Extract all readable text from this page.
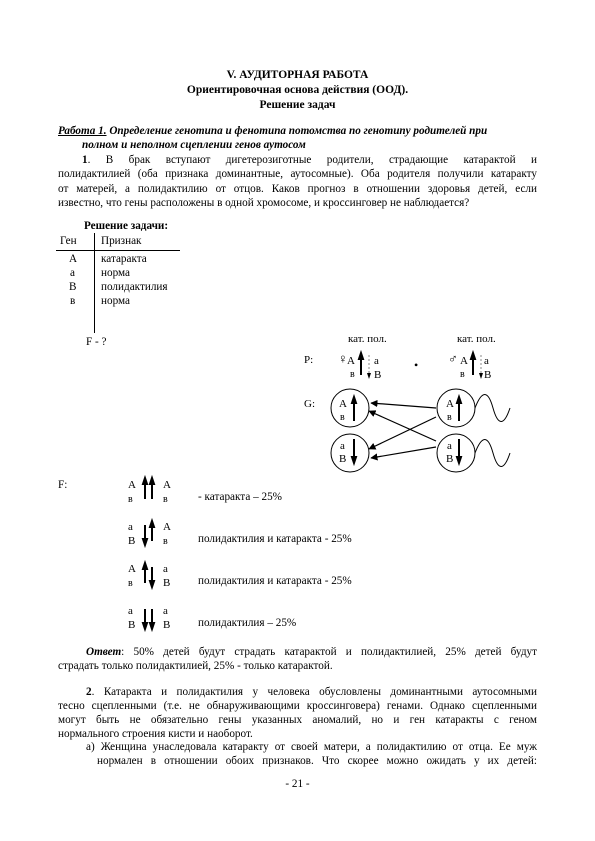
V. АУДИТОРНАЯ РАБОТА
Ориентировочная основа действия (ООД).
Решение задач
Работа 1. Определение генотипа и фенотипа потомства по генотипу родителей при
полном и неполном сцеплении генов аутосом
1. В брак вступают дигетерозиготные родители, страдающие катарактой и
полидактилией (оба признака доминантные, аутосомные). Оба родителя получили катаракту
от матерей, а полидактилию от отцов. Каков прогноз в отношении здоровья детей, если
известно, что гены расположены в одной хромосоме, и кроссинговер не наблюдается?
Решение задачи:
Ген Признак
А катаракта
а норма
В полидактилия
в норма
F - ?	кат. пол.	кат. пол.
P: ♀ А а
в В
• ♂ А а
в В
G: А
в
а
В
А
в
а
В
F:	А А
в	в
а	А
В	в
А а
в	В
а	а
В	В
- катаракта – 25%
полидактилия и катаракта - 25%
полидактилия и катаракта - 25%
полидактилия – 25%
Ответ: 50% детей будут страдать катарактой и полидактилией, 25% детей будут
страдать только полидактилией, 25% - только катарактой.
2. Катаракта и полидактилия у человека обусловлены доминантными аутосомными
тесно сцепленными (т.е. не обнаруживающими кроссинговера) генами. Однако сцепленными
могут быть не обязательно гены указанных аномалий, но и ген катаракты с геном
нормального строения кисти и наоборот.
а) Женщина унаследовала катаракту от своей матери, а полидактилию от отца. Ее муж
нормален в отношении обоих признаков. Что скорее можно ожидать у их детей:
- 21 -
